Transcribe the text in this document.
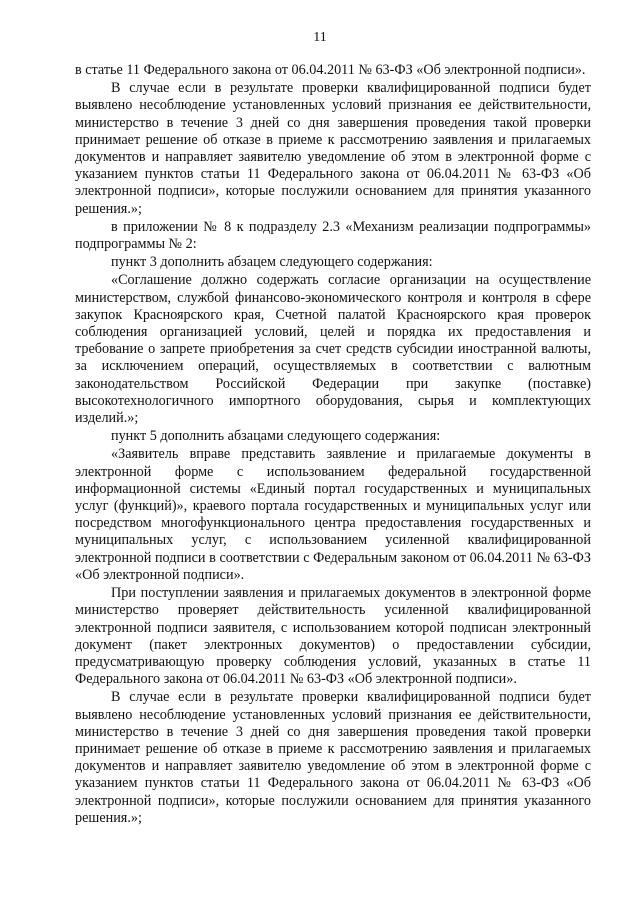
11

в статье 11 Федерального закона от 06.04.2011 № 63-ФЗ «Об электронной подписи».

В случае если в результате проверки квалифицированной подписи будет выявлено несоблюдение установленных условий признания ее действительности, министерство в течение 3 дней со дня завершения проведения такой проверки принимает решение об отказе в приеме к рассмотрению заявления и прилагаемых документов и направляет заявителю уведомление об этом в электронной форме с указанием пунктов статьи 11 Федерального закона от 06.04.2011 № 63-ФЗ «Об электронной подписи», которые послужили основанием для принятия указанного решения.»;

в приложении № 8 к подразделу 2.3 «Механизм реализации подпрограммы» подпрограммы № 2:

пункт 3 дополнить абзацем следующего содержания:

«Соглашение должно содержать согласие организации на осуществление министерством, службой финансово-экономического контроля и контроля в сфере закупок Красноярского края, Счетной палатой Красноярского края проверок соблюдения организацией условий, целей и порядка их предоставления и требование о запрете приобретения за счет средств субсидии иностранной валюты, за исключением операций, осуществляемых в соответствии с валютным законодательством Российской Федерации при закупке (поставке) высокотехнологичного импортного оборудования, сырья и комплектующих изделий.»;

пункт 5 дополнить абзацами следующего содержания:

«Заявитель вправе представить заявление и прилагаемые документы в электронной форме с использованием федеральной государственной информационной системы «Единый портал государственных и муниципальных услуг (функций)», краевого портала государственных и муниципальных услуг или посредством многофункционального центра предоставления государственных и муниципальных услуг, с использованием усиленной квалифицированной электронной подписи в соответствии с Федеральным законом от 06.04.2011 № 63-ФЗ «Об электронной подписи».

При поступлении заявления и прилагаемых документов в электронной форме министерство проверяет действительность усиленной квалифицированной электронной подписи заявителя, с использованием которой подписан электронный документ (пакет электронных документов) о предоставлении субсидии, предусматривающую проверку соблюдения условий, указанных в статье 11 Федерального закона от 06.04.2011 № 63-ФЗ «Об электронной подписи».

В случае если в результате проверки квалифицированной подписи будет выявлено несоблюдение установленных условий признания ее действительности, министерство в течение 3 дней со дня завершения проведения такой проверки принимает решение об отказе в приеме к рассмотрению заявления и прилагаемых документов и направляет заявителю уведомление об этом в электронной форме с указанием пунктов статьи 11 Федерального закона от 06.04.2011 № 63-ФЗ «Об электронной подписи», которые послужили основанием для принятия указанного решения.»;
